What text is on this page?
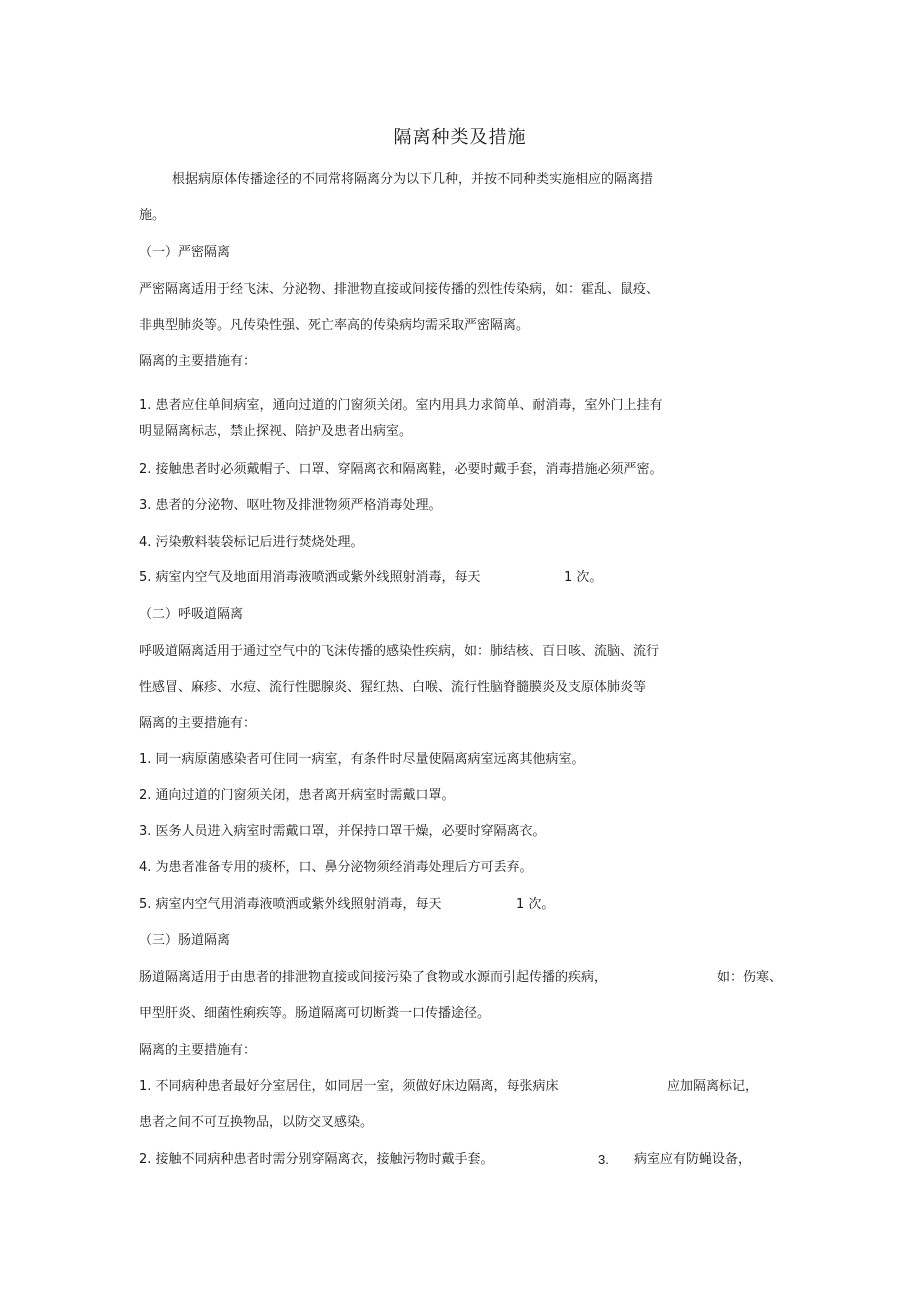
隔离种类及措施
根据病原体传播途径的不同常将隔离分为以下几种，并按不同种类实施相应的隔离措
施。
（一）严密隔离
严密隔离适用于经飞沫、分泌物、排泄物直接或间接传播的烈性传染病，如：霍乱、鼠疫、
非典型肺炎等。凡传染性强、死亡率高的传染病均需采取严密隔离。
隔离的主要措施有：
1. 患者应住单间病室，通向过道的门窗须关闭。室内用具力求简单、耐消毒，室外门上挂有
明显隔离标志，禁止探视、陪护及患者出病室。
2. 接触患者时必须戴帽子、口罩、穿隔离衣和隔离鞋，必要时戴手套，消毒措施必须严密。
3. 患者的分泌物、呕吐物及排泄物须严格消毒处理。
4. 污染敷料装袋标记后进行焚烧处理。
5. 病室内空气及地面用消毒液喷洒或紫外线照射消毒，每天	1 次。
（二）呼吸道隔离
呼吸道隔离适用于通过空气中的飞沫传播的感染性疾病，如：肺结核、百日咳、流脑、流行
性感冒、麻疹、水痘、流行性腮腺炎、猩红热、白喉、流行性脑脊髓膜炎及支原体肺炎等
隔离的主要措施有：
1. 同一病原菌感染者可住同一病室，有条件时尽量使隔离病室远离其他病室。
2. 通向过道的门窗须关闭，患者离开病室时需戴口罩。
3. 医务人员进入病室时需戴口罩，并保持口罩干燥，必要时穿隔离衣。
4. 为患者准备专用的痰杯，口、鼻分泌物须经消毒处理后方可丢弃。
5. 病室内空气用消毒液喷洒或紫外线照射消毒，每天	1 次。
（三）肠道隔离
肠道隔离适用于由患者的排泄物直接或间接污染了食物或水源而引起传播的疾病，	如：伤寒、
甲型肝炎、细菌性痢疾等。肠道隔离可切断粪一口传播途径。
隔离的主要措施有：
1. 不同病种患者最好分室居住，如同居一室，须做好床边隔离，每张病床	应加隔离标记，
患者之间不可互换物品，以防交叉感染。
2. 接触不同病种患者时需分别穿隔离衣，接触污物时戴手套。	3. 病室应有防蝇设备，
